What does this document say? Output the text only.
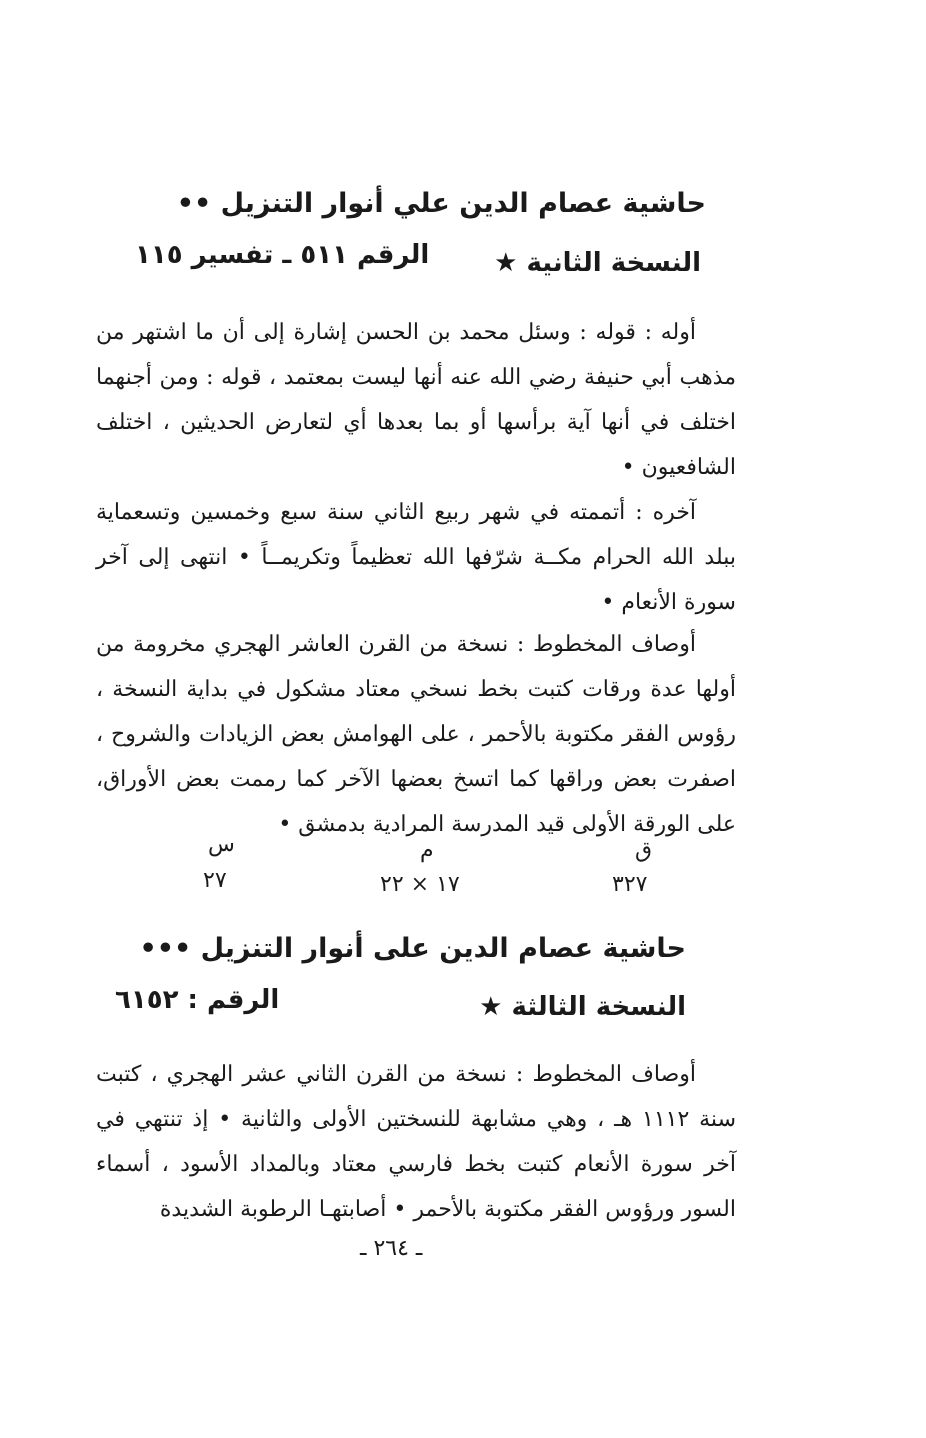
حاشية عصام الدين علي أنوار التنزيل ••
النسخة الثانية ★
الرقم ٥١١ ـ تفسير ١١٥
أوله : قوله : وسئل محمد بن الحسن إشارة إلى أن ما اشتهر من مذهب أبي حنيفة رضي الله عنه أنها ليست بمعتمد ، قوله : ومن أجنهما اختلف في أنها آية برأسها أو بما بعدها أي لتعارض الحديثين ، اختلف الشافعيون •
آخره : أتممته في شهر ربيع الثاني سنة سبع وخمسين وتسعماية ببلد الله الحرام مكــة شرّفها الله تعظيماً وتكريمــاً • انتهى إلى آخر سورة الأنعام •
أوصاف المخطوط : نسخة من القرن العاشر الهجري مخرومة من أولها عدة ورقات كتبت بخط نسخي معتاد مشكول في بداية النسخة ، رؤوس الفقر مكتوبة بالأحمر ، على الهوامش بعض الزيادات والشروح ، اصفرت بعض وراقها كما اتسخ بعضها الآخر كما رممت بعض الأوراق، على الورقة الأولى قيد المدرسة المرادية بدمشق •
ق
م
س
٣٢٧
١٧ × ٢٢
٢٧
حاشية عصام الدين على أنوار التنزيل •••
النسخة الثالثة ★
الرقم : ٦١٥٢
أوصاف المخطوط : نسخة من القرن الثاني عشر الهجري ، كتبت سنة ١١١٢ هـ ، وهي مشابهة للنسختين الأولى والثانية • إذ تنتهي في آخر سورة الأنعام كتبت بخط فارسي معتاد وبالمداد الأسود ، أسماء السور ورؤوس الفقر مكتوبة بالأحمر • أصابتهـا الرطوبة الشديدة
ـ ٢٦٤ ـ
